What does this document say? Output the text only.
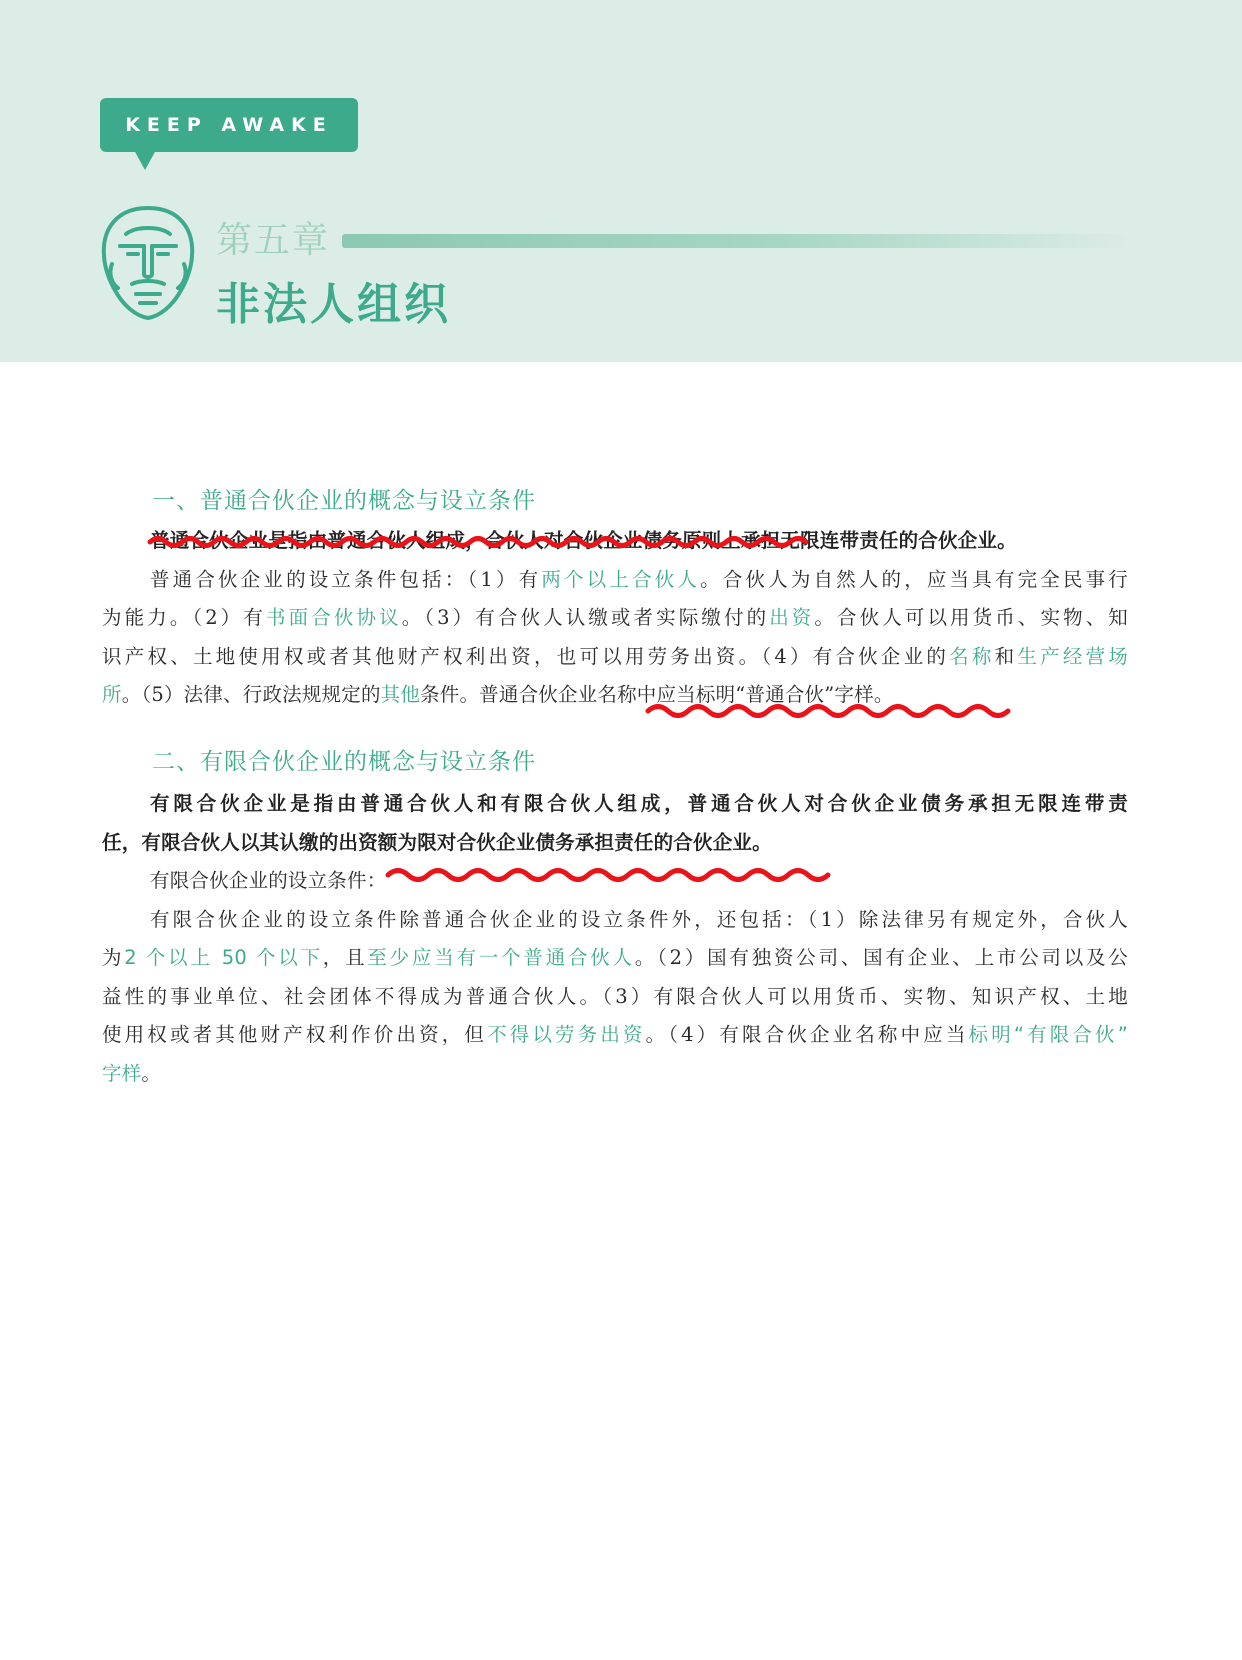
KEEP AWAKE
第五章
非法人组织
一、普通合伙企业的概念与设立条件
普通合伙企业是指由普通合伙人组成，合伙人对合伙企业债务原则上承担无限连带责任的合伙企业。
普通合伙企业的设立条件包括：（1）有两个以上合伙人。合伙人为自然人的，应当具有完全民事行
为能力。（2）有书面合伙协议。（3）有合伙人认缴或者实际缴付的出资。合伙人可以用货币、实物、知
识产权、土地使用权或者其他财产权利出资，也可以用劳务出资。（4）有合伙企业的名称和生产经营场
所。（5）法律、行政法规规定的其他条件。普通合伙企业名称中应当标明“普通合伙”字样。
二、有限合伙企业的概念与设立条件
有限合伙企业是指由普通合伙人和有限合伙人组成，普通合伙人对合伙企业债务承担无限连带责
任，有限合伙人以其认缴的出资额为限对合伙企业债务承担责任的合伙企业。
有限合伙企业的设立条件：
有限合伙企业的设立条件除普通合伙企业的设立条件外，还包括：（1）除法律另有规定外，合伙人
为2 个以上 50 个以下，且至少应当有一个普通合伙人。（2）国有独资公司、国有企业、上市公司以及公
益性的事业单位、社会团体不得成为普通合伙人。（3）有限合伙人可以用货币、实物、知识产权、土地
使用权或者其他财产权利作价出资，但不得以劳务出资。（4）有限合伙企业名称中应当标明“有限合伙”
字样。
